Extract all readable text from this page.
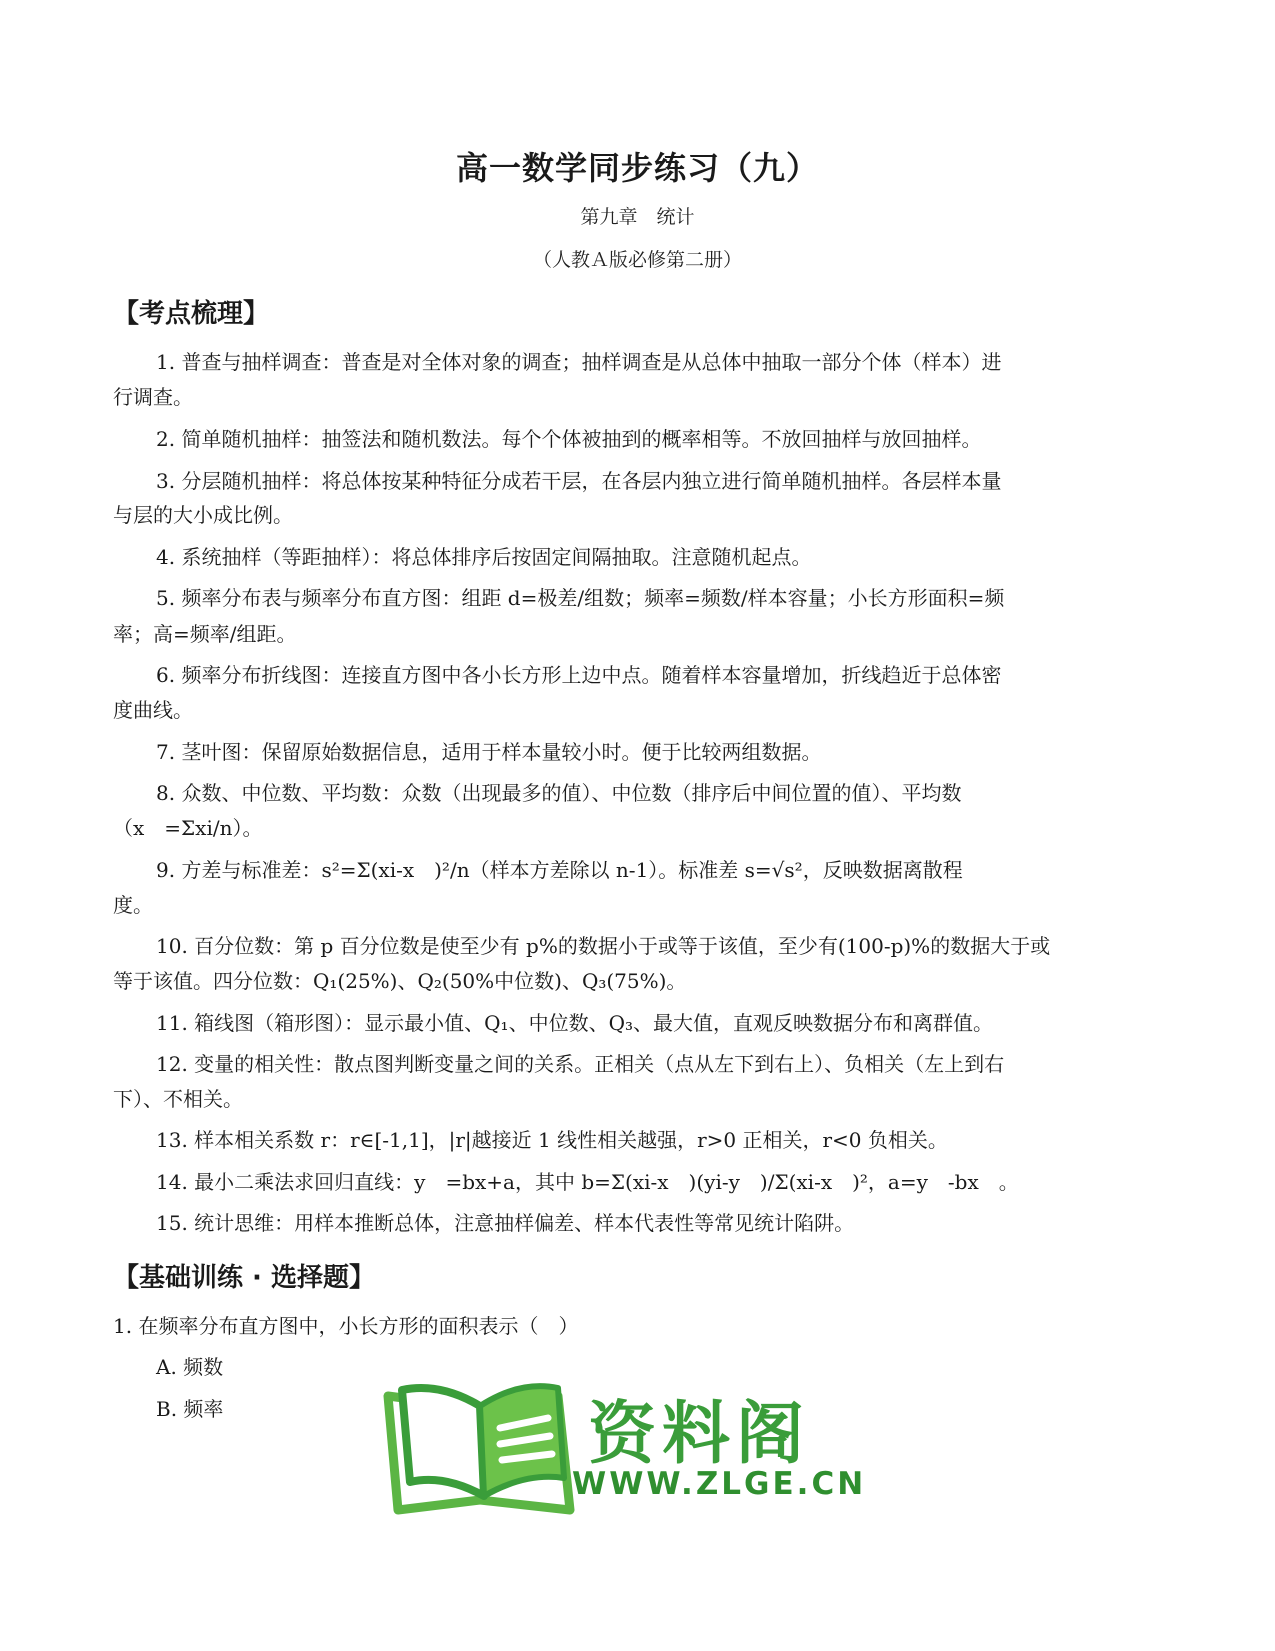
高一数学同步练习（九）
第九章　统计
（人教Ａ版必修第二册）
【考点梳理】
1. 普查与抽样调查：普查是对全体对象的调查；抽样调查是从总体中抽取一部分个体（样本）进
行调查。
2. 简单随机抽样：抽签法和随机数法。每个个体被抽到的概率相等。不放回抽样与放回抽样。
3. 分层随机抽样：将总体按某种特征分成若干层，在各层内独立进行简单随机抽样。各层样本量
与层的大小成比例。
4. 系统抽样（等距抽样）：将总体排序后按固定间隔抽取。注意随机起点。
5. 频率分布表与频率分布直方图：组距 d=极差/组数；频率=频数/样本容量；小长方形面积=频
率；高=频率/组距。
6. 频率分布折线图：连接直方图中各小长方形上边中点。随着样本容量增加，折线趋近于总体密
度曲线。
7. 茎叶图：保留原始数据信息，适用于样本量较小时。便于比较两组数据。
8. 众数、中位数、平均数：众数（出现最多的值）、中位数（排序后中间位置的值）、平均数
（x　=Σxi/n）。
9. 方差与标准差：s²=Σ(xi-x　)²/n（样本方差除以 n-1）。标准差 s=√s²，反映数据离散程
度。
10. 百分位数：第 p 百分位数是使至少有 p%的数据小于或等于该值，至少有(100-p)%的数据大于或
等于该值。四分位数：Q₁(25%)、Q₂(50%中位数)、Q₃(75%)。
11. 箱线图（箱形图）：显示最小值、Q₁、中位数、Q₃、最大值，直观反映数据分布和离群值。
12. 变量的相关性：散点图判断变量之间的关系。正相关（点从左下到右上）、负相关（左上到右
下）、不相关。
13. 样本相关系数 r：r∈[-1,1]，|r|越接近 1 线性相关越强，r>0 正相关，r<0 负相关。
14. 最小二乘法求回归直线：y　=bx+a，其中 b=Σ(xi-x　)(yi-y　)/Σ(xi-x　)²，a=y　-bx　。
15. 统计思维：用样本推断总体，注意抽样偏差、样本代表性等常见统计陷阱。
【基础训练 · 选择题】
1. 在频率分布直方图中，小长方形的面积表示（　）
A. 频数
B. 频率	资料阁
WWW.ZLGE.CN
